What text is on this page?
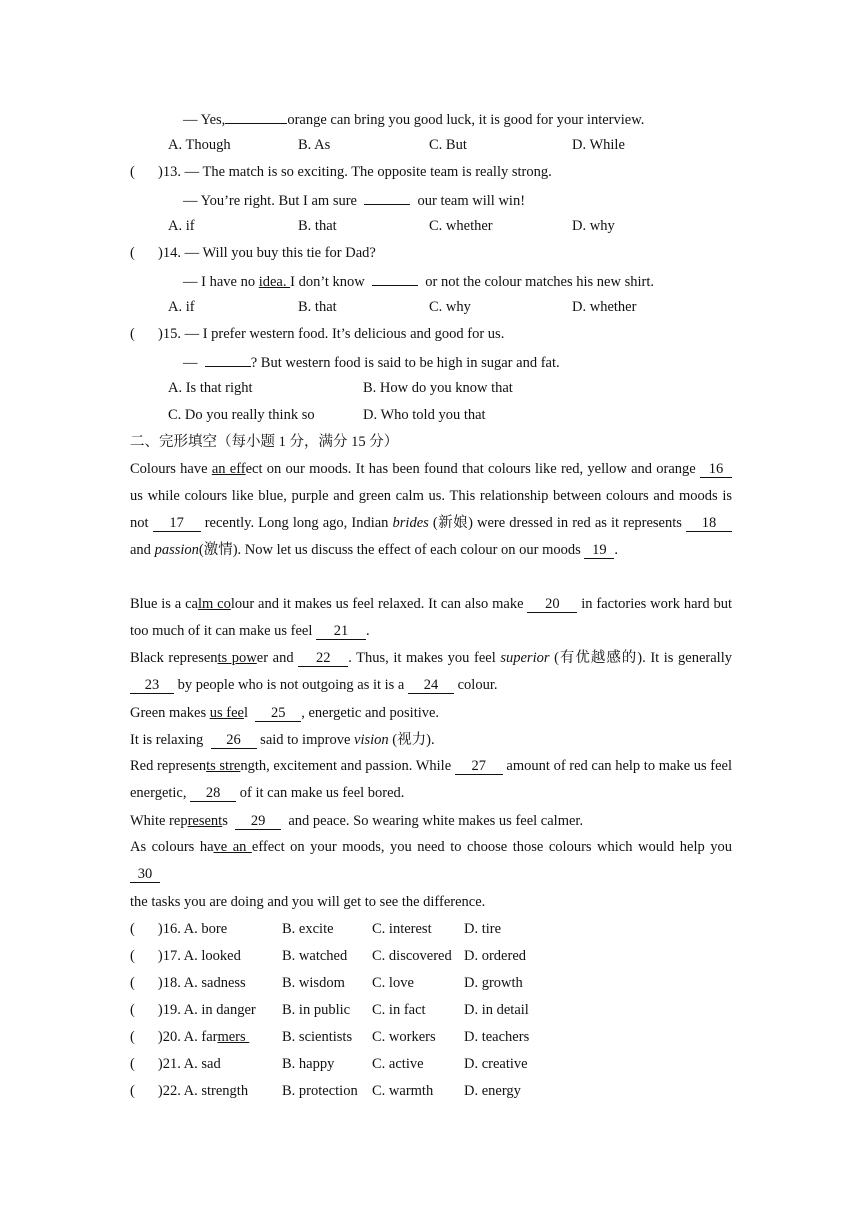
— Yes,	orange can bring you good luck, it is good for your interview.
A. Though	B. As	C. But	D. While
( )13. — The match is so exciting. The opposite team is really strong.
— You’re right. But I am sure	our team will win!
A. if	B. that	C. whether	D. why
( )14. — Will you buy this tie for Dad?
— I have no idea. I don’t know	or not the colour matches his new shirt.
A. if	B. that	C. why	D. whether
( )15. — I prefer western food. It’s delicious and good for us.
—	? But western food is said to be high in sugar and fat.
A. Is that right	B. How do you know that
C. Do you really think so	D. Who told you that
二、完形填空（每小题 1 分，满分 15 分）
Colours have an effect on our moods. It has been found that colours like red, yellow and orange 16 us while colours like blue, purple and green calm us. This relationship between colours and moods is not 17 recently. Long long ago, Indian brides (新娘) were dressed in red as it represents 18 and passion(激情). Now let us discuss the effect of each colour on our moods 19 .
Blue is a calm colour and it makes us feel relaxed. It can also make 20 in factories work hard but too much of it can make us feel 21 .
Black represents power and 22 . Thus, it makes you feel superior (有优越感的). It is generally 23 by people who is not outgoing as it is a 24 colour.
Green makes us feel  25 , energetic and positive.
It is relaxing  26 said to improve vision (视力).
Red represents strength, excitement and passion. While 27 amount of red can help to make us feel energetic, 28 of it can make us feel bored.
White represents  29  and peace. So wearing white makes us feel calmer.
As colours have an effect on your moods, you need to choose those colours which would help you 30
the tasks you are doing and you will get to see the difference.
( )16. A. bore	B. excite	C. interest D. tire
( )17. A. looked	B. watched C. discovered D. ordered
( )18. A. sadness	B. wisdom C. love	D. growth
( )19. A. in danger B. in public C. in fact	D. in detail
( )20. A. farmers	B. scientists C. workers D. teachers
( )21. A. sad	B. happy	C. active	D. creative
( )22. A. strength B. protection C. warmth D. energy
